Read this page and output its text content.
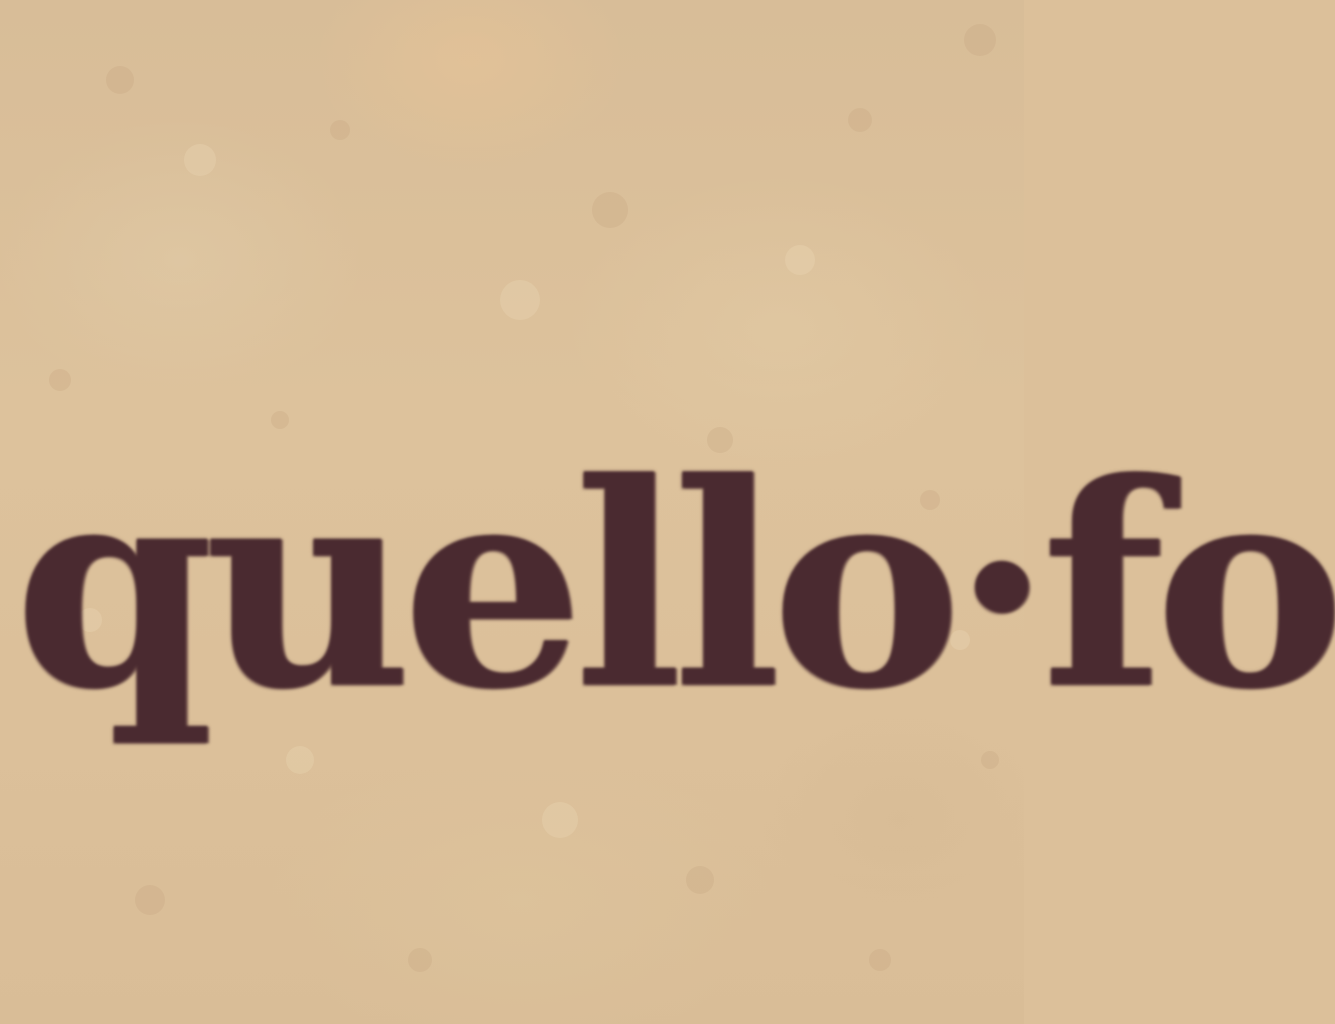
quello·fo
